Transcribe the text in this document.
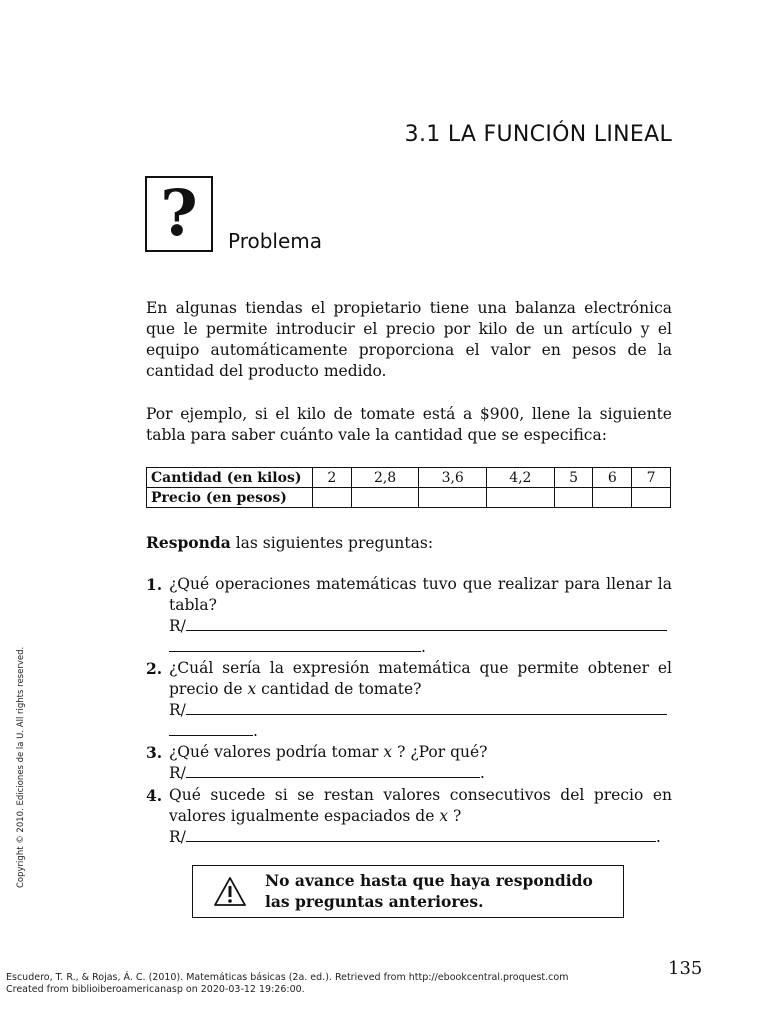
3.1 LA FUNCIÓN LINEAL
?	Problema

En algunas tiendas el propietario tiene una balanza electrónica que le permite introducir el precio por kilo de un artículo y el equipo automáticamente proporciona el valor en pesos de la cantidad del producto medido.

Por ejemplo, si el kilo de tomate está a $900, llene la siguiente tabla para saber cuánto vale la cantidad que se especifica:

Cantidad (en kilos)	2	2,8	3,6	4,2	5	6	7
Precio (en pesos)							
Responda las siguientes preguntas:
1. ¿Qué operaciones matemáticas tuvo que realizar para llenar la tabla?
R/
.
2. ¿Cuál sería la expresión matemática que permite obtener el precio de x cantidad de tomate?
R/
.
3. ¿Qué valores podría tomar x ? ¿Por qué?
R/	.
4. Qué sucede si se restan valores consecutivos del precio en valores igualmente espaciados de x ?
R/	.
No avance hasta que haya respondido
las preguntas anteriores.
Copyright © 2010. Ediciones de la U. All rights reserved.
135
Escudero, T. R., & Rojas, Á. C. (2010). Matemáticas básicas (2a. ed.). Retrieved from http://ebookcentral.proquest.com
Created from biblioiberoamericanasp on 2020-03-12 19:26:00.
